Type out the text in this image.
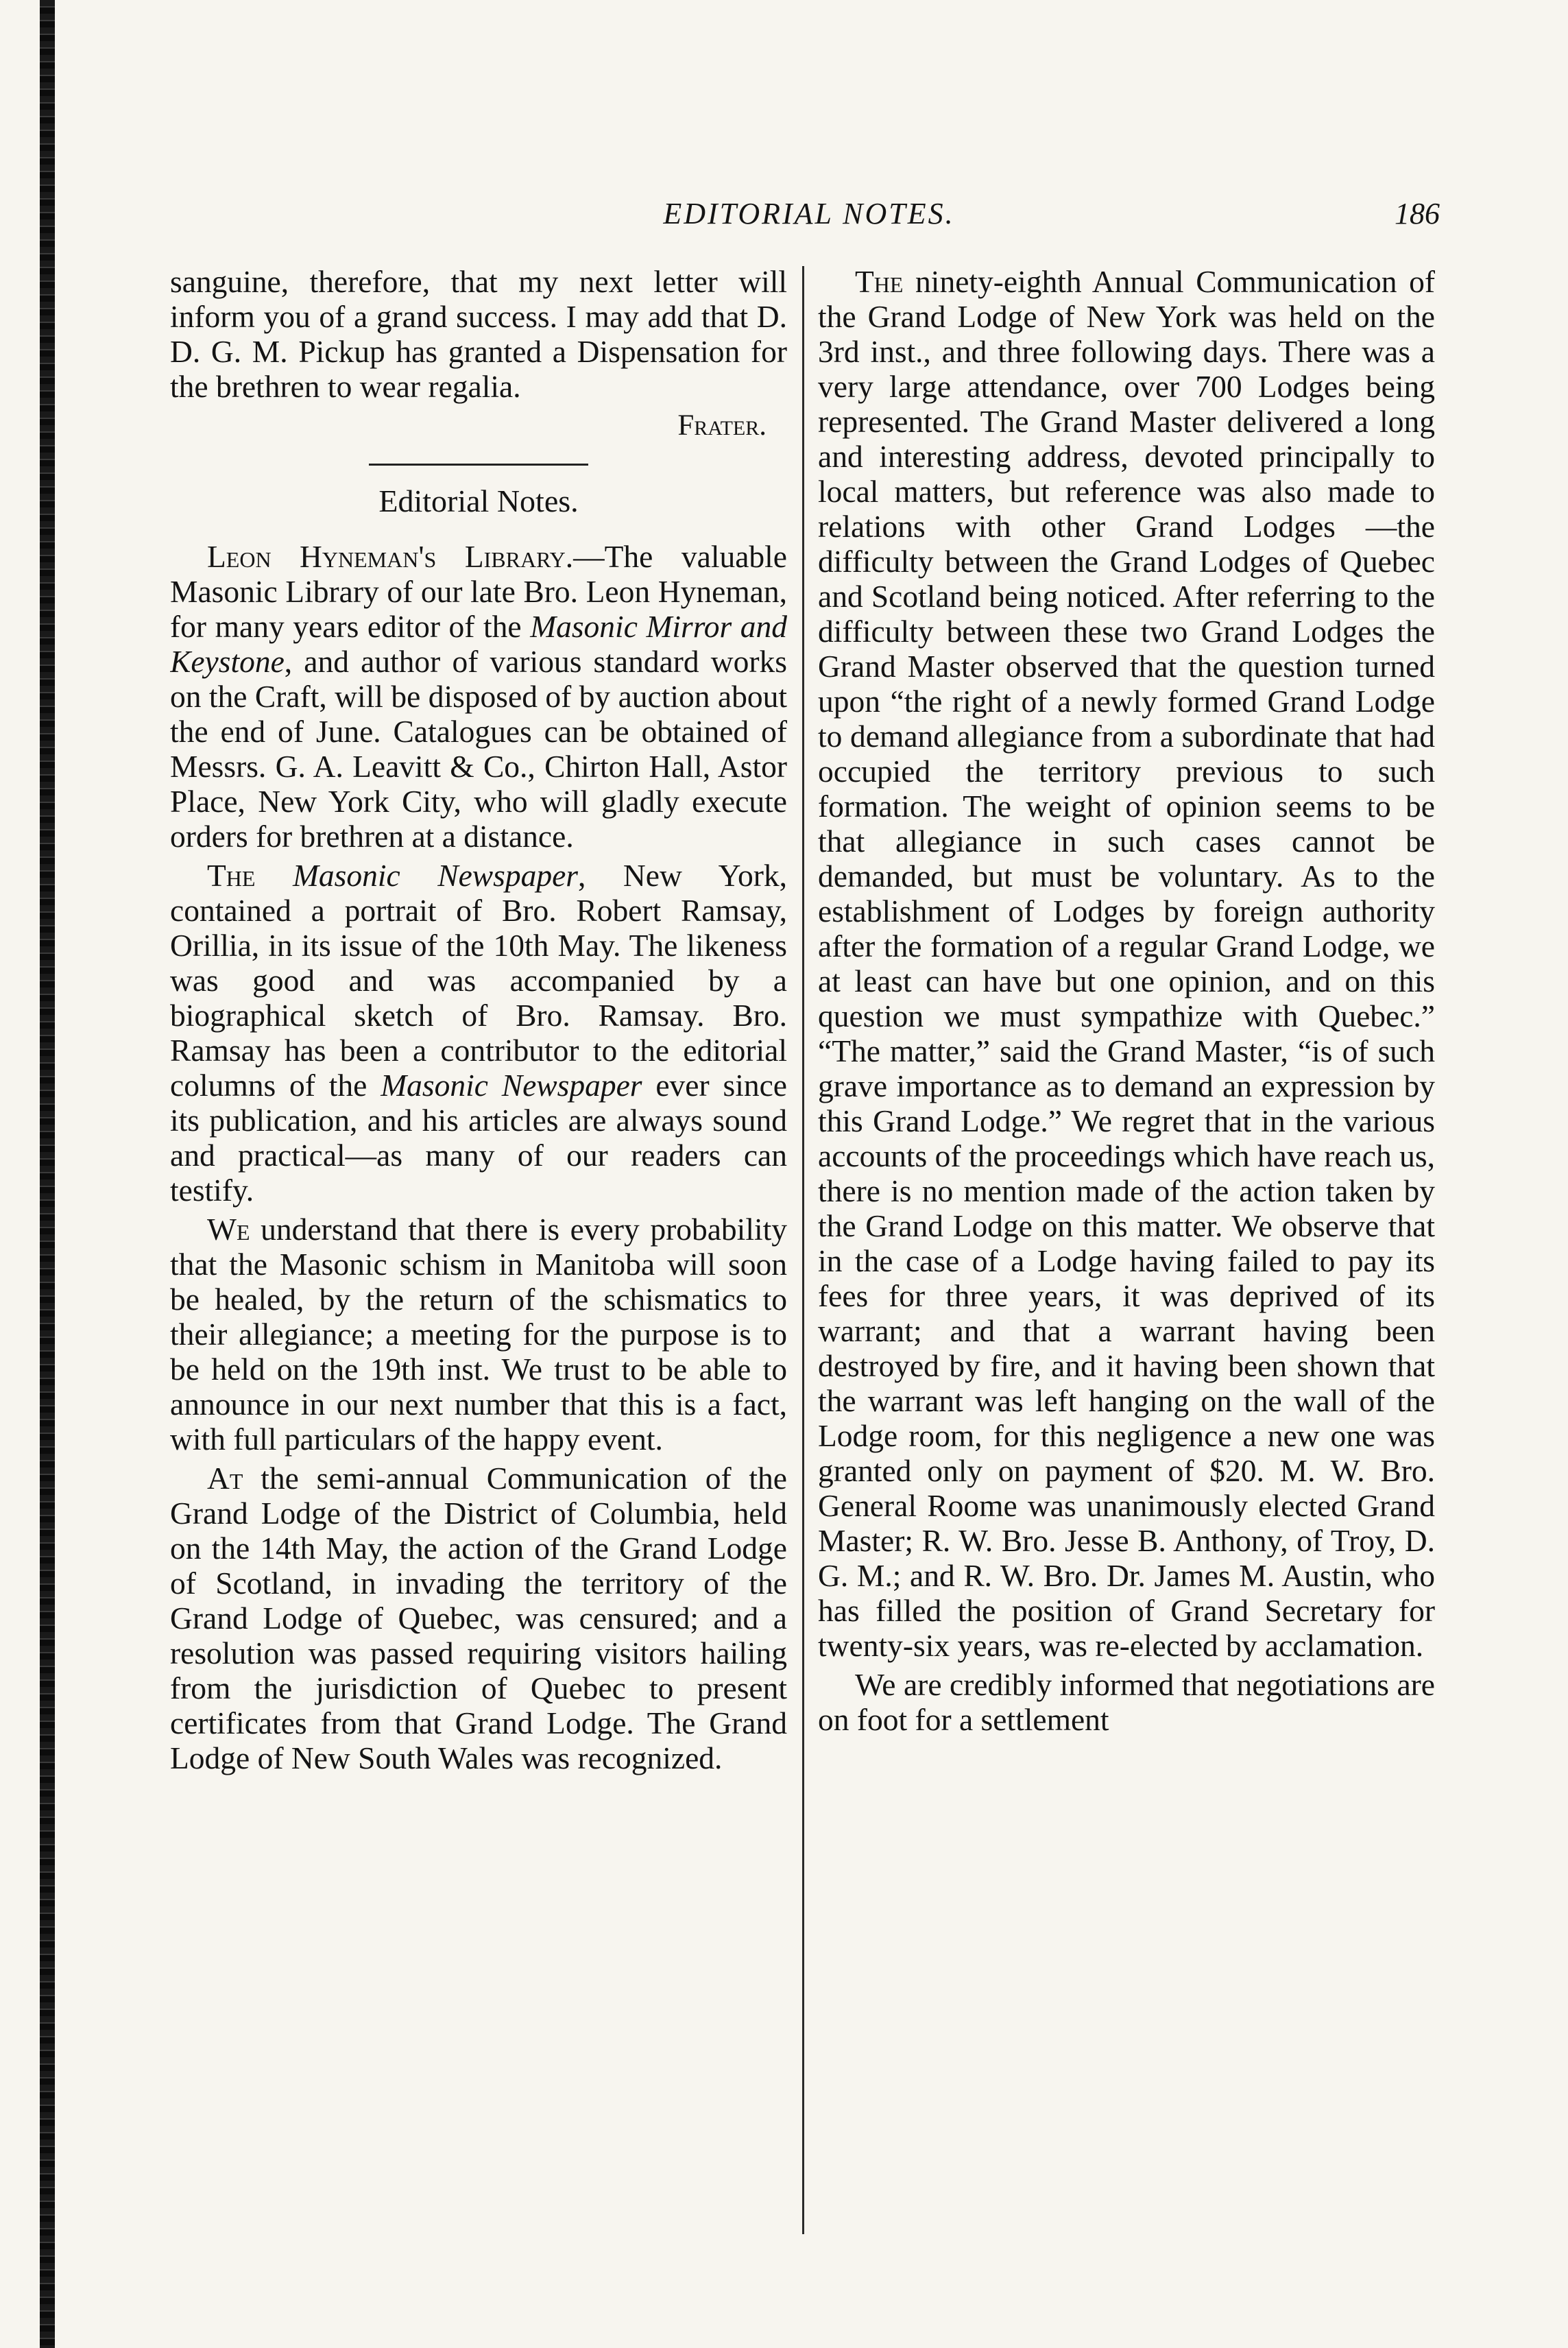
EDITORIAL NOTES.	186

sanguine, therefore, that my next letter will inform you of a grand success. I may add that D. D. G. M. Pickup has granted a Dispensation for the brethren to wear regalia.

Frater.
Editorial Notes.

Leon Hyneman's Library.—The valuable Masonic Library of our late Bro. Leon Hyneman, for many years editor of the Masonic Mirror and Keystone, and author of various standard works on the Craft, will be disposed of by auction about the end of June. Catalogues can be obtained of Messrs. G. A. Leavitt & Co., Chirton Hall, Astor Place, New York City, who will gladly execute orders for brethren at a distance.

The Masonic Newspaper, New York, contained a portrait of Bro. Robert Ramsay, Orillia, in its issue of the 10th May. The likeness was good and was accompanied by a biographical sketch of Bro. Ramsay. Bro. Ramsay has been a contributor to the editorial columns of the Masonic Newspaper ever since its publication, and his articles are always sound and practical—as many of our readers can testify.

We understand that there is every probability that the Masonic schism in Manitoba will soon be healed, by the return of the schismatics to their allegiance; a meeting for the purpose is to be held on the 19th inst. We trust to be able to announce in our next number that this is a fact, with full particulars of the happy event.

At the semi-annual Communication of the Grand Lodge of the District of Columbia, held on the 14th May, the action of the Grand Lodge of Scotland, in invading the territory of the Grand Lodge of Quebec, was censured; and a resolution was passed requiring visitors hailing from the jurisdiction of Quebec to present certificates from that Grand Lodge. The Grand Lodge of New South Wales was recognized.

The ninety-eighth Annual Communication of the Grand Lodge of New York was held on the 3rd inst., and three following days. There was a very large attendance, over 700 Lodges being represented. The Grand Master delivered a long and interesting address, devoted principally to local matters, but reference was also made to relations with other Grand Lodges —the difficulty between the Grand Lodges of Quebec and Scotland being noticed. After referring to the difficulty between these two Grand Lodges the Grand Master observed that the question turned upon “the right of a newly formed Grand Lodge to demand allegiance from a subordinate that had occupied the territory previous to such formation. The weight of opinion seems to be that allegiance in such cases cannot be demanded, but must be voluntary. As to the establishment of Lodges by foreign authority after the formation of a regular Grand Lodge, we at least can have but one opinion, and on this question we must sympathize with Quebec.” “The matter,” said the Grand Master, “is of such grave importance as to demand an expression by this Grand Lodge.” We regret that in the various accounts of the proceedings which have reach us, there is no mention made of the action taken by the Grand Lodge on this matter. We observe that in the case of a Lodge having failed to pay its fees for three years, it was deprived of its warrant; and that a warrant having been destroyed by fire, and it having been shown that the warrant was left hanging on the wall of the Lodge room, for this negligence a new one was granted only on payment of $20. M. W. Bro. General Roome was unanimously elected Grand Master; R. W. Bro. Jesse B. Anthony, of Troy, D. G. M.; and R. W. Bro. Dr. James M. Austin, who has filled the position of Grand Secretary for twenty-six years, was re-elected by acclamation.

We are credibly informed that negotiations are on foot for a settlement
